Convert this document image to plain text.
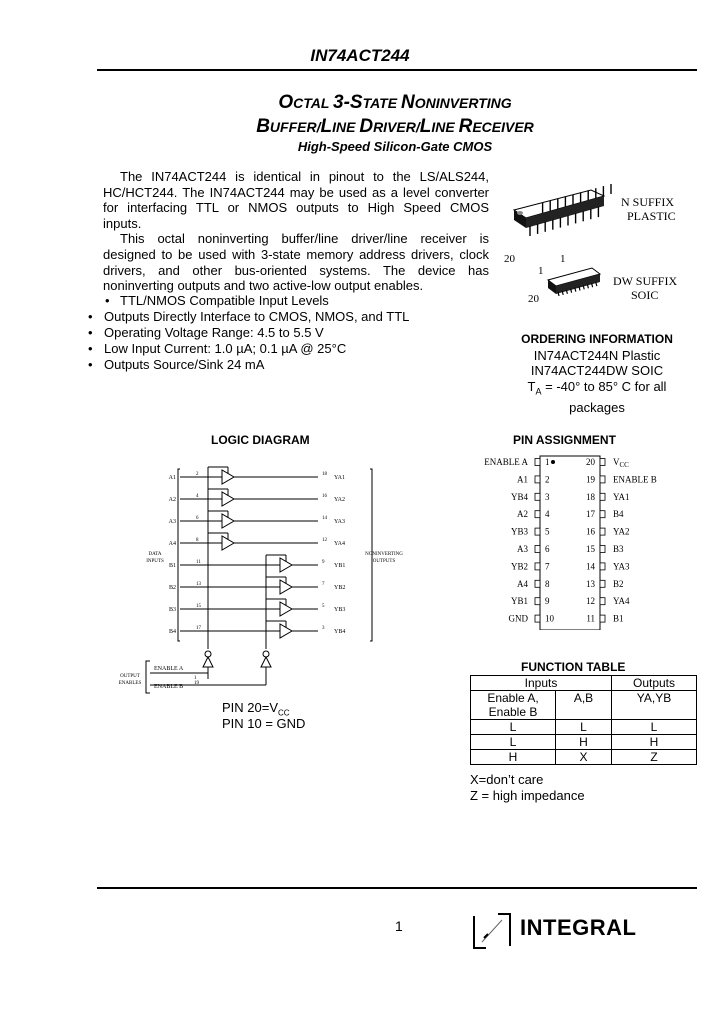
IN74ACT244
OCTAL 3-STATE NONINVERTING
BUFFER/LINE DRIVER/LINE RECEIVER
High-Speed Silicon-Gate CMOS
The IN74ACT244 is identical in pinout to the LS/ALS244,
HC/HCT244. The IN74ACT244 may be used as a level converter
for interfacing TTL or NMOS outputs to High Speed CMOS
inputs.
This octal noninverting buffer/line driver/line receiver is
designed to be used with 3-state memory address drivers, clock
drivers, and other bus-oriented systems. The device has
noninverting outputs and two active-low output enables.
• TTL/NMOS Compatible Input Levels
• Outputs Directly Interface to CMOS, NMOS, and TTL
• Operating Voltage Range: 4.5 to 5.5 V
• Low Input Current: 1.0 µA; 0.1 µA @ 25°C
• Outputs Source/Sink 24 mA
20
1
20
1
N SUFFIX
PLASTIC
DW SUFFIX
SOIC
ORDERING INFORMATION
IN74ACT244N Plastic
IN74ACT244DW SOIC
$T_A = -40^\circ$ to 85° C for all
packages
LOGIC DIAGRAM
A1
2	18
YA1
A2
4	16
YA2
A3
6	14
YA3
A4
8	12
YA4
B1
11	9
YB1
B2
13	7
YB2
B3
15	5
YB3
B4
17	3
YB4
ENABLE A
ENABLE B
1
19
DATA
INPUTS
NONINVERTING
OUTPUTS
OUTPUT
ENABLES
PIN $20=V_{CC}$
PIN 10 = GND
PIN ASSIGNMENT
ENABLE A 1	20 $V_{CC}$
A1 2	19 ENABLE B
YB4 3	18 YA1
A2 4	17 B4
YB3 5	16 YA2
A3 6	15 B3
YB2 7	14 YA3
A4 8	13 B2
YB1 9	12 YA4
GND 10	11 B1
FUNCTION TABLE
Inputs		Outputs

Enable A,
Enable B	A,B	YA,YB
L	L	L
L	H	H
H	X	Z
X=don’t care
Z = high impedance
1	INTEGRAL
